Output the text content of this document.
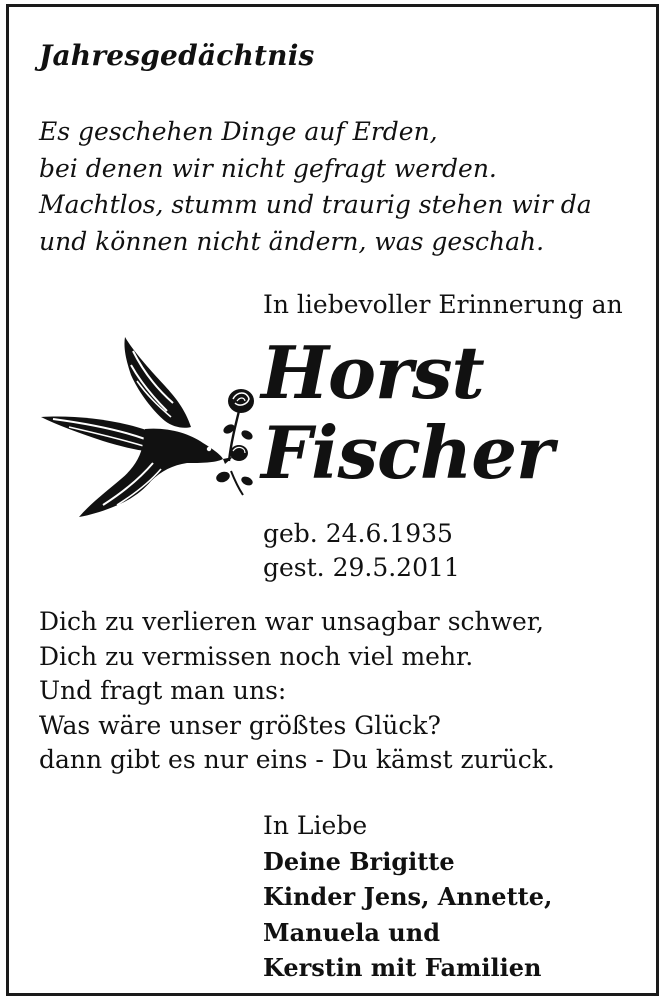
Jahresgedächtnis
Es geschehen Dinge auf Erden,
bei denen wir nicht gefragt werden.
Machtlos, stumm und traurig stehen wir da
und können nicht ändern, was geschah.
In liebevoller Erinnerung an
Horst
Fischer
geb. 24.6.1935
gest. 29.5.2011
Dich zu verlieren war unsagbar schwer,
Dich zu vermissen noch viel mehr.
Und fragt man uns:
Was wäre unser größtes Glück?
dann gibt es nur eins - Du kämst zurück.
In Liebe
Deine Brigitte
Kinder Jens, Annette,
Manuela und
Kerstin mit Familien
